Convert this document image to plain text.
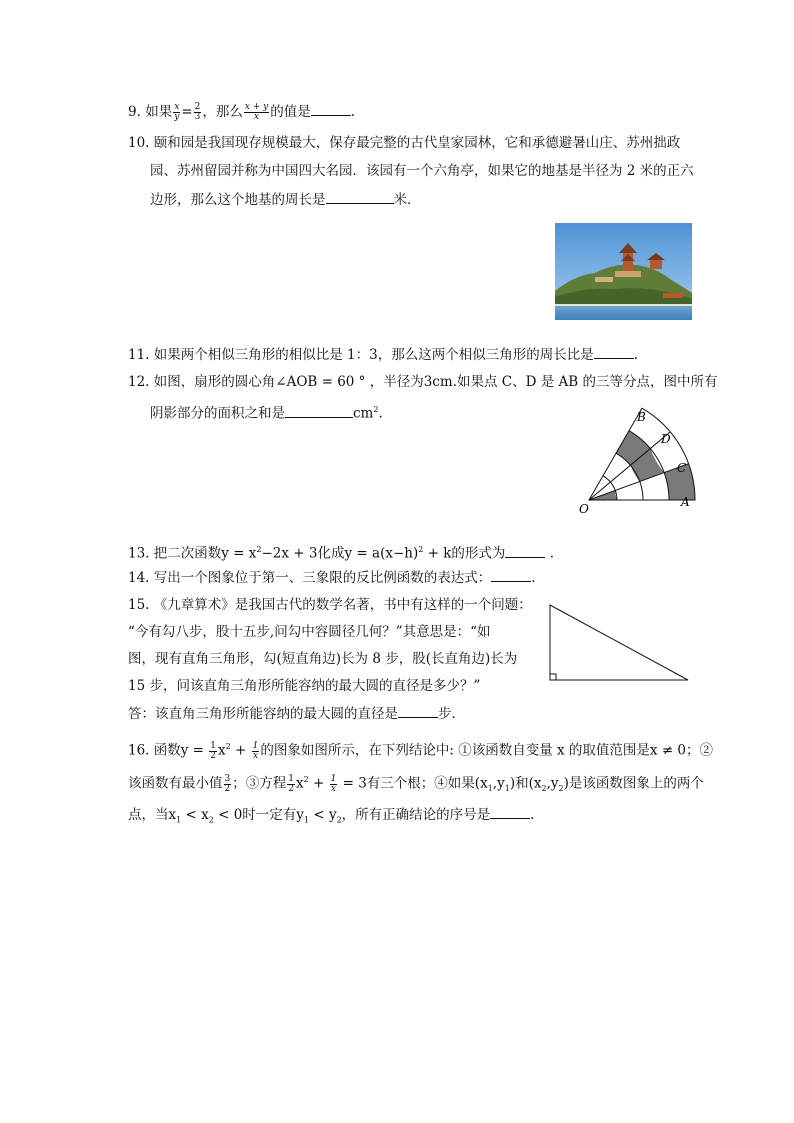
9. 如果 $\frac{x}{y} = \frac{2}{3}$ ，那么 $\frac{x + y}{x}$ 的值是	.
10. 颐和园是我国现存规模最大，保存最完整的古代皇家园林，它和承德避暑山庄、苏州拙政
园、苏州留园并称为中国四大名园．该园有一个六角亭，如果它的地基是半径为 2 米的正六
边形，那么这个地基的周长是	米．
11. 如果两个相似三角形的相似比是 1：3，那么这两个相似三角形的周长比是	.
12. 如图，扇形的圆心角∠AOB = 60 ° ，半径为3cm.如果点 C、D 是 AB 的三等分点，图中所有
阴影部分的面积之和是	$cm^2$.	B
D
C
O	A
13. 把二次函数$y = x^2-2x + 3$化成$y = a(x-h)^2 + k$的形式为	.
14. 写出一个图象位于第一、三象限的反比例函数的表达式：	.
15. 《九章算术》是我国古代的数学名著，书中有这样的一个问题：
“今有勾八步，股十五步,问勾中容圆径几何？”其意思是：“如
图，现有直角三角形，勾(短直角边)长为 8 步，股(长直角边)长为
15 步，问该直角三角形所能容纳的最大圆的直径是多少？”
答：该直角三角形所能容纳的最大圆的直径是	步．
16. 函数$y = \frac{1}{2} x^2 + \frac{1}{x}$ 的图象如图所示，在下列结论中: ①该函数自变量 x 的取值范围是x ≠ 0；②
该函数有最小值 $\frac{3}{2}$ ；③方程 $\frac{1}{2} x^2 + \frac{1}{x} = 3$有三个根；④如果$(x_1,y_1)$和$(x_2,y_2)$是该函数图象上的两个
点，当$x_1 < x_2 < 0$时一定有$y_1 < y_2$，所有正确结论的序号是	.
